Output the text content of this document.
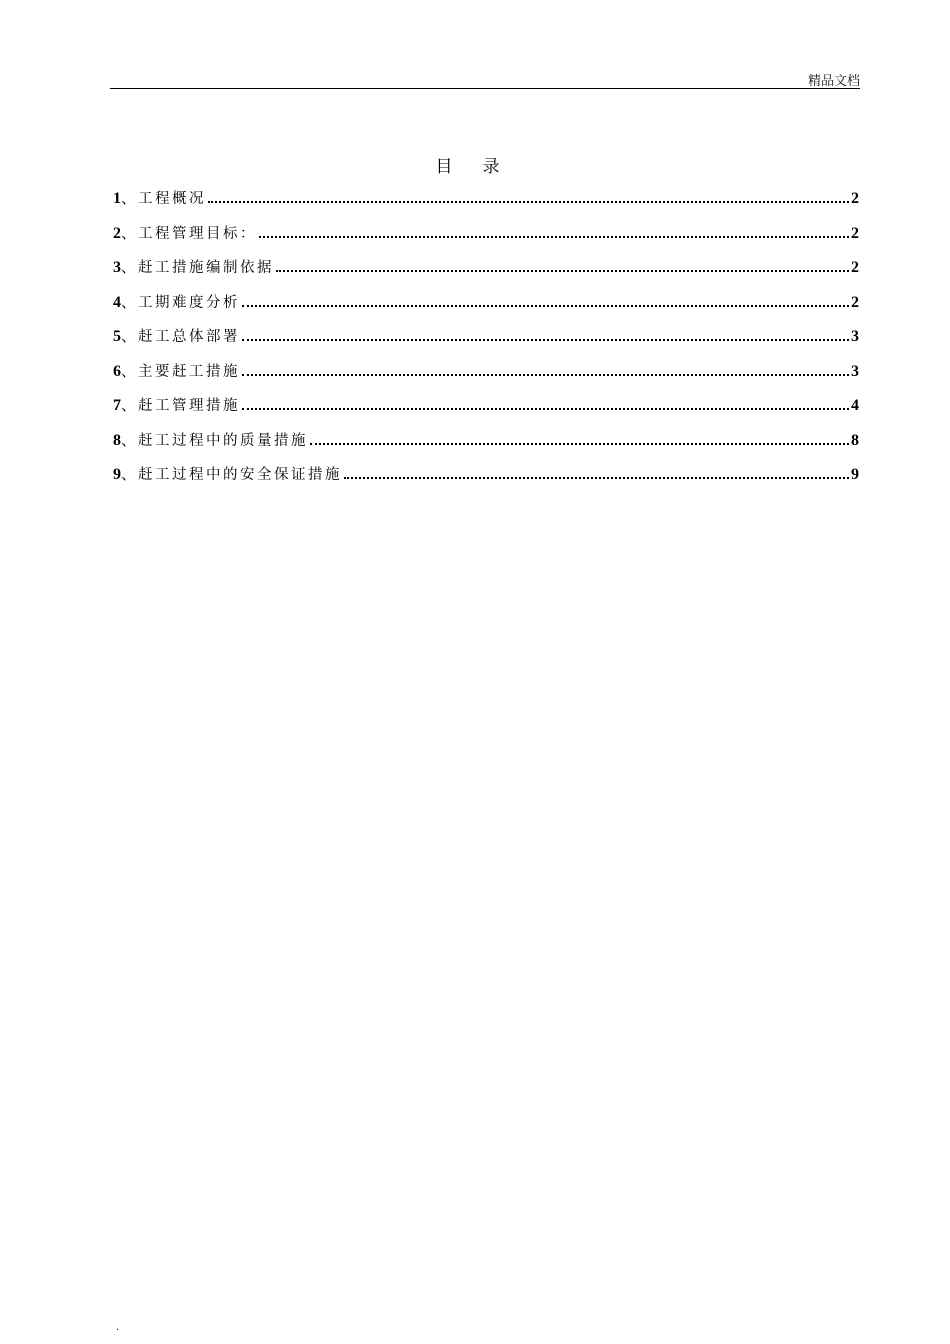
精品文档
目录
1 、 工程概况	2
2 、 工程管理目标：	2
3 、 赶工措施编制依据	2
4 、 工期难度分析	2
5 、 赶工总体部署	3
6 、 主要赶工措施	3
7 、 赶工管理措施	4
8 、 赶工过程中的质量措施	8
9 、 赶工过程中的安全保证措施	9
.
